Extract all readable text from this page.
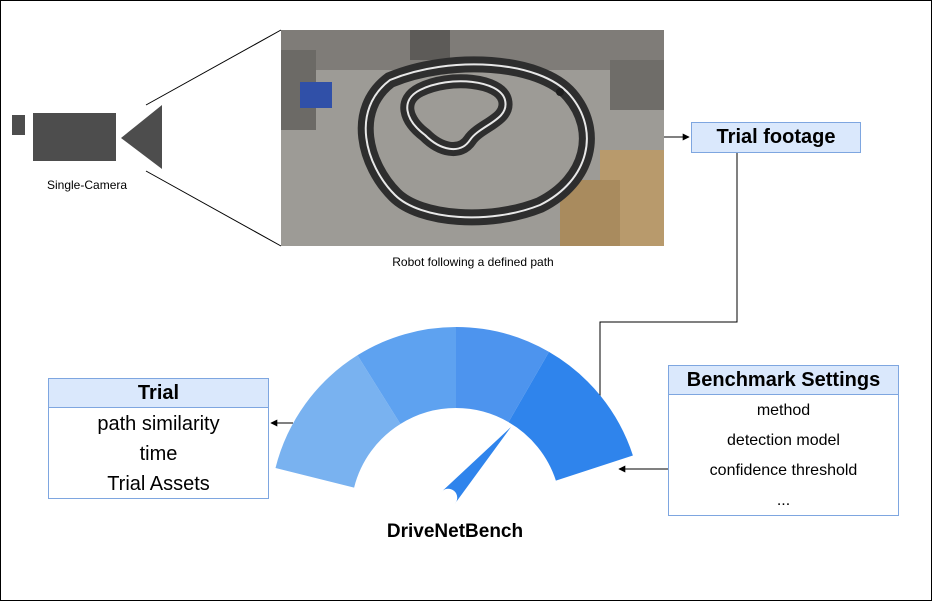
Single-Camera
Robot following a defined path
Trial footage
Trial
path similarity
time
Trial Assets
Benchmark Settings
method
detection model
confidence threshold
...
DriveNetBench
